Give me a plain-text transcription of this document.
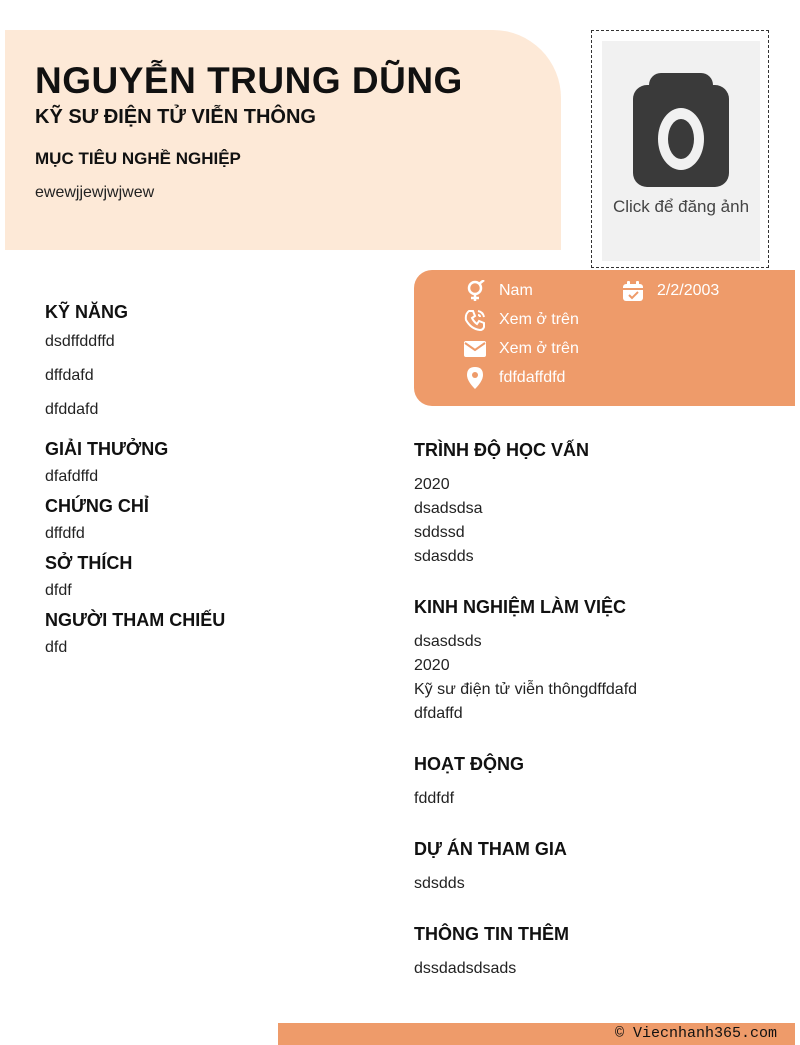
NGUYỄN TRUNG DŨNG
KỸ SƯ ĐIỆN TỬ VIỄN THÔNG
MỤC TIÊU NGHỀ NGHIỆP
ewewjjewjwjwew
Click để đăng ảnh
Nam	2/2/2003
Xem ở trên
Xem ở trên
fdfdaffdfd
KỸ NĂNG

dsdffddffd

dffdafd

dfddafd

GIẢI THƯỞNG

dfafdffd

CHỨNG CHỈ

dffdfd

SỞ THÍCH

dfdf

NGƯỜI THAM CHIẾU

dfd

TRÌNH ĐỘ HỌC VẤN
2020
dsadsdsa
sddssd
sdasdds
KINH NGHIỆM LÀM VIỆC
dsasdsds
2020
Kỹ sư điện tử viễn thôngdffdafd
dfdaffd
HOẠT ĐỘNG
fddfdf
DỰ ÁN THAM GIA
sdsdds
THÔNG TIN THÊM
dssdadsdsads
© Viecnhanh365.com
